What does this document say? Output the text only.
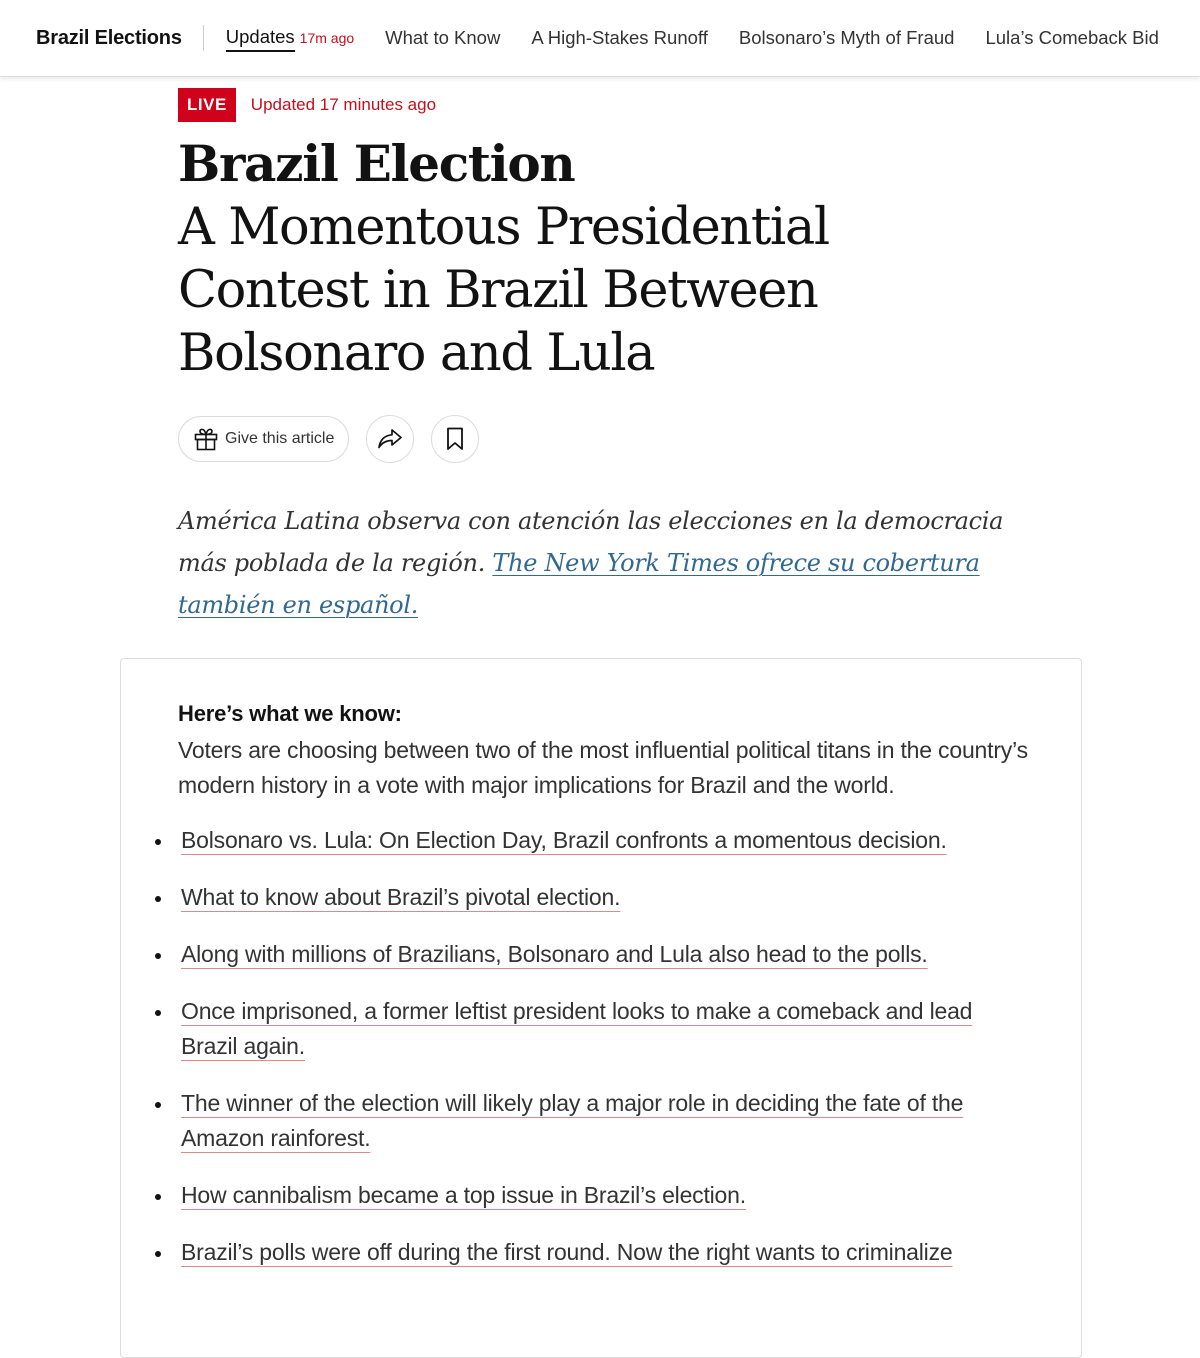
Brazil Elections Updates 17m ago What to Know A High-Stakes Runoff Bolsonaro’s Myth of Fraud Lula’s Comeback Bid
LIVE	Updated 17 minutes ago
Brazil Election
A Momentous Presidential Contest in Brazil Between Bolsonaro and Lula
Give this article
América Latina observa con atención las elecciones en la democracia más poblada de la región. The New York Times ofrece su cobertura también en español.
Here’s what we know:
Voters are choosing between two of the most influential political titans in the country’s modern history in a vote with major implications for Brazil and the world.
Bolsonaro vs. Lula: On Election Day, Brazil confronts a momentous decision.
What to know about Brazil’s pivotal election.
Along with millions of Brazilians, Bolsonaro and Lula also head to the polls.
Once imprisoned, a former leftist president looks to make a comeback and lead Brazil again.
The winner of the election will likely play a major role in deciding the fate of the Amazon rainforest.
How cannibalism became a top issue in Brazil’s election.
Brazil’s polls were off during the first round. Now the right wants to criminalize
